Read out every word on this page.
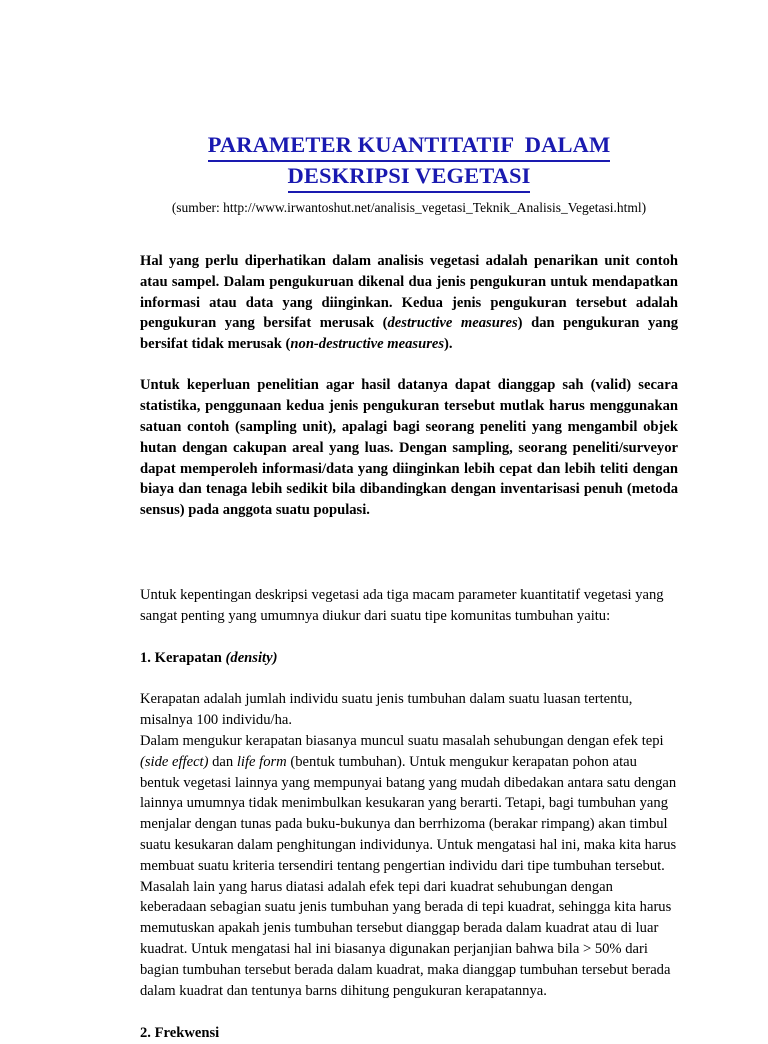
PARAMETER KUANTITATIF  DALAM
DESKRIPSI VEGETASI

(sumber: http://www.irwantoshut.net/analisis_vegetasi_Teknik_Analisis_Vegetasi.html)

Hal yang perlu diperhatikan dalam analisis vegetasi adalah penarikan unit contoh atau sampel. Dalam pengukuruan dikenal dua jenis pengukuran untuk mendapatkan informasi atau data yang diinginkan. Kedua jenis pengukuran tersebut adalah pengukuran yang bersifat merusak (destructive measures) dan pengukuran yang bersifat tidak merusak (non-destructive measures).

Untuk keperluan penelitian agar hasil datanya dapat dianggap sah (valid) secara statistika, penggunaan kedua jenis pengukuran tersebut mutlak harus menggunakan satuan contoh (sampling unit), apalagi bagi seorang peneliti yang mengambil objek hutan dengan cakupan areal yang luas. Dengan sampling, seorang peneliti/surveyor dapat memperoleh informasi/data yang diinginkan lebih cepat dan lebih teliti dengan biaya dan tenaga lebih sedikit bila dibandingkan dengan inventarisasi penuh (metoda sensus) pada anggota suatu populasi.

Untuk kepentingan deskripsi vegetasi ada tiga macam parameter kuantitatif vegetasi yang sangat penting yang umumnya diukur dari suatu tipe komunitas tumbuhan yaitu:

1. Kerapatan (density)

Kerapatan adalah jumlah individu suatu jenis tumbuhan dalam suatu luasan tertentu, misalnya 100 individu/ha.

Dalam mengukur kerapatan biasanya muncul suatu masalah sehubungan dengan efek tepi (side effect) dan life form (bentuk tumbuhan). Untuk mengukur kerapatan pohon atau bentuk vegetasi lainnya yang mempunyai batang yang mudah dibedakan antara satu dengan lainnya umumnya tidak menimbulkan kesukaran yang berarti. Tetapi, bagi tumbuhan yang menjalar dengan tunas pada buku-bukunya dan berrhizoma (berakar rimpang) akan timbul suatu kesukaran dalam penghitungan individunya. Untuk mengatasi hal ini, maka kita harus membuat suatu kriteria tersendiri tentang pengertian individu dari tipe tumbuhan tersebut.

Masalah lain yang harus diatasi adalah efek tepi dari kuadrat sehubungan dengan keberadaan sebagian suatu jenis tumbuhan yang berada di tepi kuadrat, sehingga kita harus memutuskan apakah jenis tumbuhan tersebut dianggap berada dalam kuadrat atau di luar kuadrat. Untuk mengatasi hal ini biasanya digunakan perjanjian bahwa bila > 50% dari bagian tumbuhan tersebut berada dalam kuadrat, maka dianggap tumbuhan tersebut berada dalam kuadrat dan tentunya barns dihitung pengukuran kerapatannya.

2. Frekwensi
